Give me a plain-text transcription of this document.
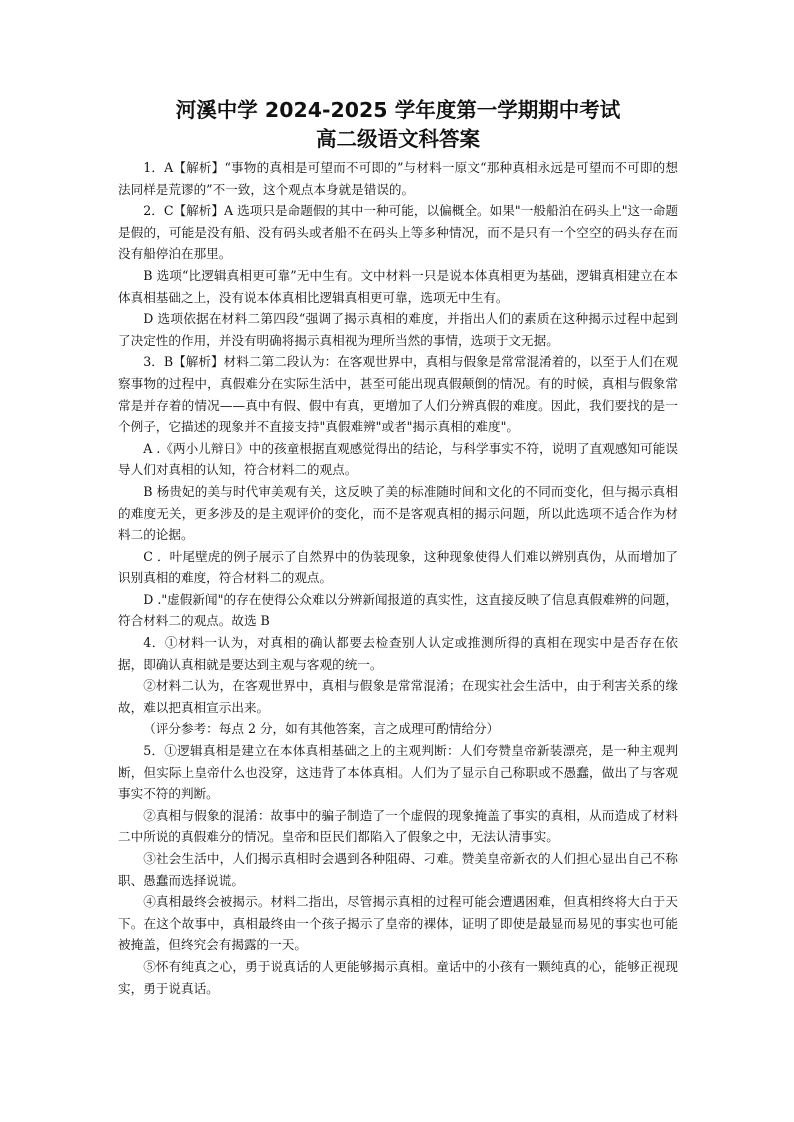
河溪中学 2024-2025 学年度第一学期期中考试
高二级语文科答案

1．A【解析】“事物的真相是可望而不可即的”与材料一原文“那种真相永远是可望而不可即的想法同样是荒谬的”不一致，这个观点本身就是错误的。

2．C【解析】A 选项只是命题假的其中一种可能，以偏概全。如果"一般船泊在码头上"这一命题是假的，可能是没有船、没有码头或者船不在码头上等多种情况，而不是只有一个空空的码头存在而没有船停泊在那里。

B 选项“比逻辑真相更可靠”无中生有。文中材料一只是说本体真相更为基础，逻辑真相建立在本体真相基础之上，没有说本体真相比逻辑真相更可靠，选项无中生有。

D 选项依据在材料二第四段“强调了揭示真相的难度，并指出人们的素质在这种揭示过程中起到了决定性的作用，并没有明确将揭示真相视为理所当然的事情，选项于文无据。

3．B【解析】材料二第二段认为：在客观世界中，真相与假象是常常混淆着的，以至于人们在观察事物的过程中，真假难分在实际生活中，甚至可能出现真假颠倒的情况。有的时候，真相与假象常常是并存着的情况——真中有假、假中有真，更增加了人们分辨真假的难度。因此，我们要找的是一个例子，它描述的现象并不直接支持"真假难辨"或者"揭示真相的难度"。

A .《两小儿辩日》中的孩童根据直观感觉得出的结论，与科学事实不符，说明了直观感知可能误导人们对真相的认知，符合材料二的观点。

B 杨贵妃的美与时代审美观有关，这反映了美的标准随时间和文化的不同而变化，但与揭示真相的难度无关，更多涉及的是主观评价的变化，而不是客观真相的揭示问题，所以此选项不适合作为材料二的论据。

C ．叶尾壁虎的例子展示了自然界中的伪装现象，这种现象使得人们难以辨别真伪，从而增加了识别真相的难度，符合材料二的观点。

D ."虚假新闻"的存在使得公众难以分辨新闻报道的真实性，这直接反映了信息真假难辨的问题，符合材料二的观点。故选 B

4．①材料一认为，对真相的确认都要去检查别人认定或推测所得的真相在现实中是否存在依据，即确认真相就是要达到主观与客观的统一。

②材料二认为，在客观世界中，真相与假象是常常混淆；在现实社会生活中，由于利害关系的缘故，难以把真相宣示出来。

（评分参考：每点 2 分，如有其他答案，言之成理可酌情给分）

5．①逻辑真相是建立在本体真相基础之上的主观判断：人们夸赞皇帝新装漂亮，是一种主观判断，但实际上皇帝什么也没穿，这违背了本体真相。人们为了显示自己称职或不愚蠢，做出了与客观事实不符的判断。

②真相与假象的混淆：故事中的骗子制造了一个虚假的现象掩盖了事实的真相，从而造成了材料二中所说的真假难分的情况。皇帝和臣民们都陷入了假象之中，无法认清事实。

③社会生活中，人们揭示真相时会遇到各种阻碍、刁难。赞美皇帝新衣的人们担心显出自己不称职、愚蠢而选择说谎。

④真相最终会被揭示。材料二指出，尽管揭示真相的过程可能会遭遇困难，但真相终将大白于天下。在这个故事中，真相最终由一个孩子揭示了皇帝的裸体，证明了即使是最显而易见的事实也可能被掩盖，但终究会有揭露的一天。

⑤怀有纯真之心，勇于说真话的人更能够揭示真相。童话中的小孩有一颗纯真的心，能够正视现实，勇于说真话。
